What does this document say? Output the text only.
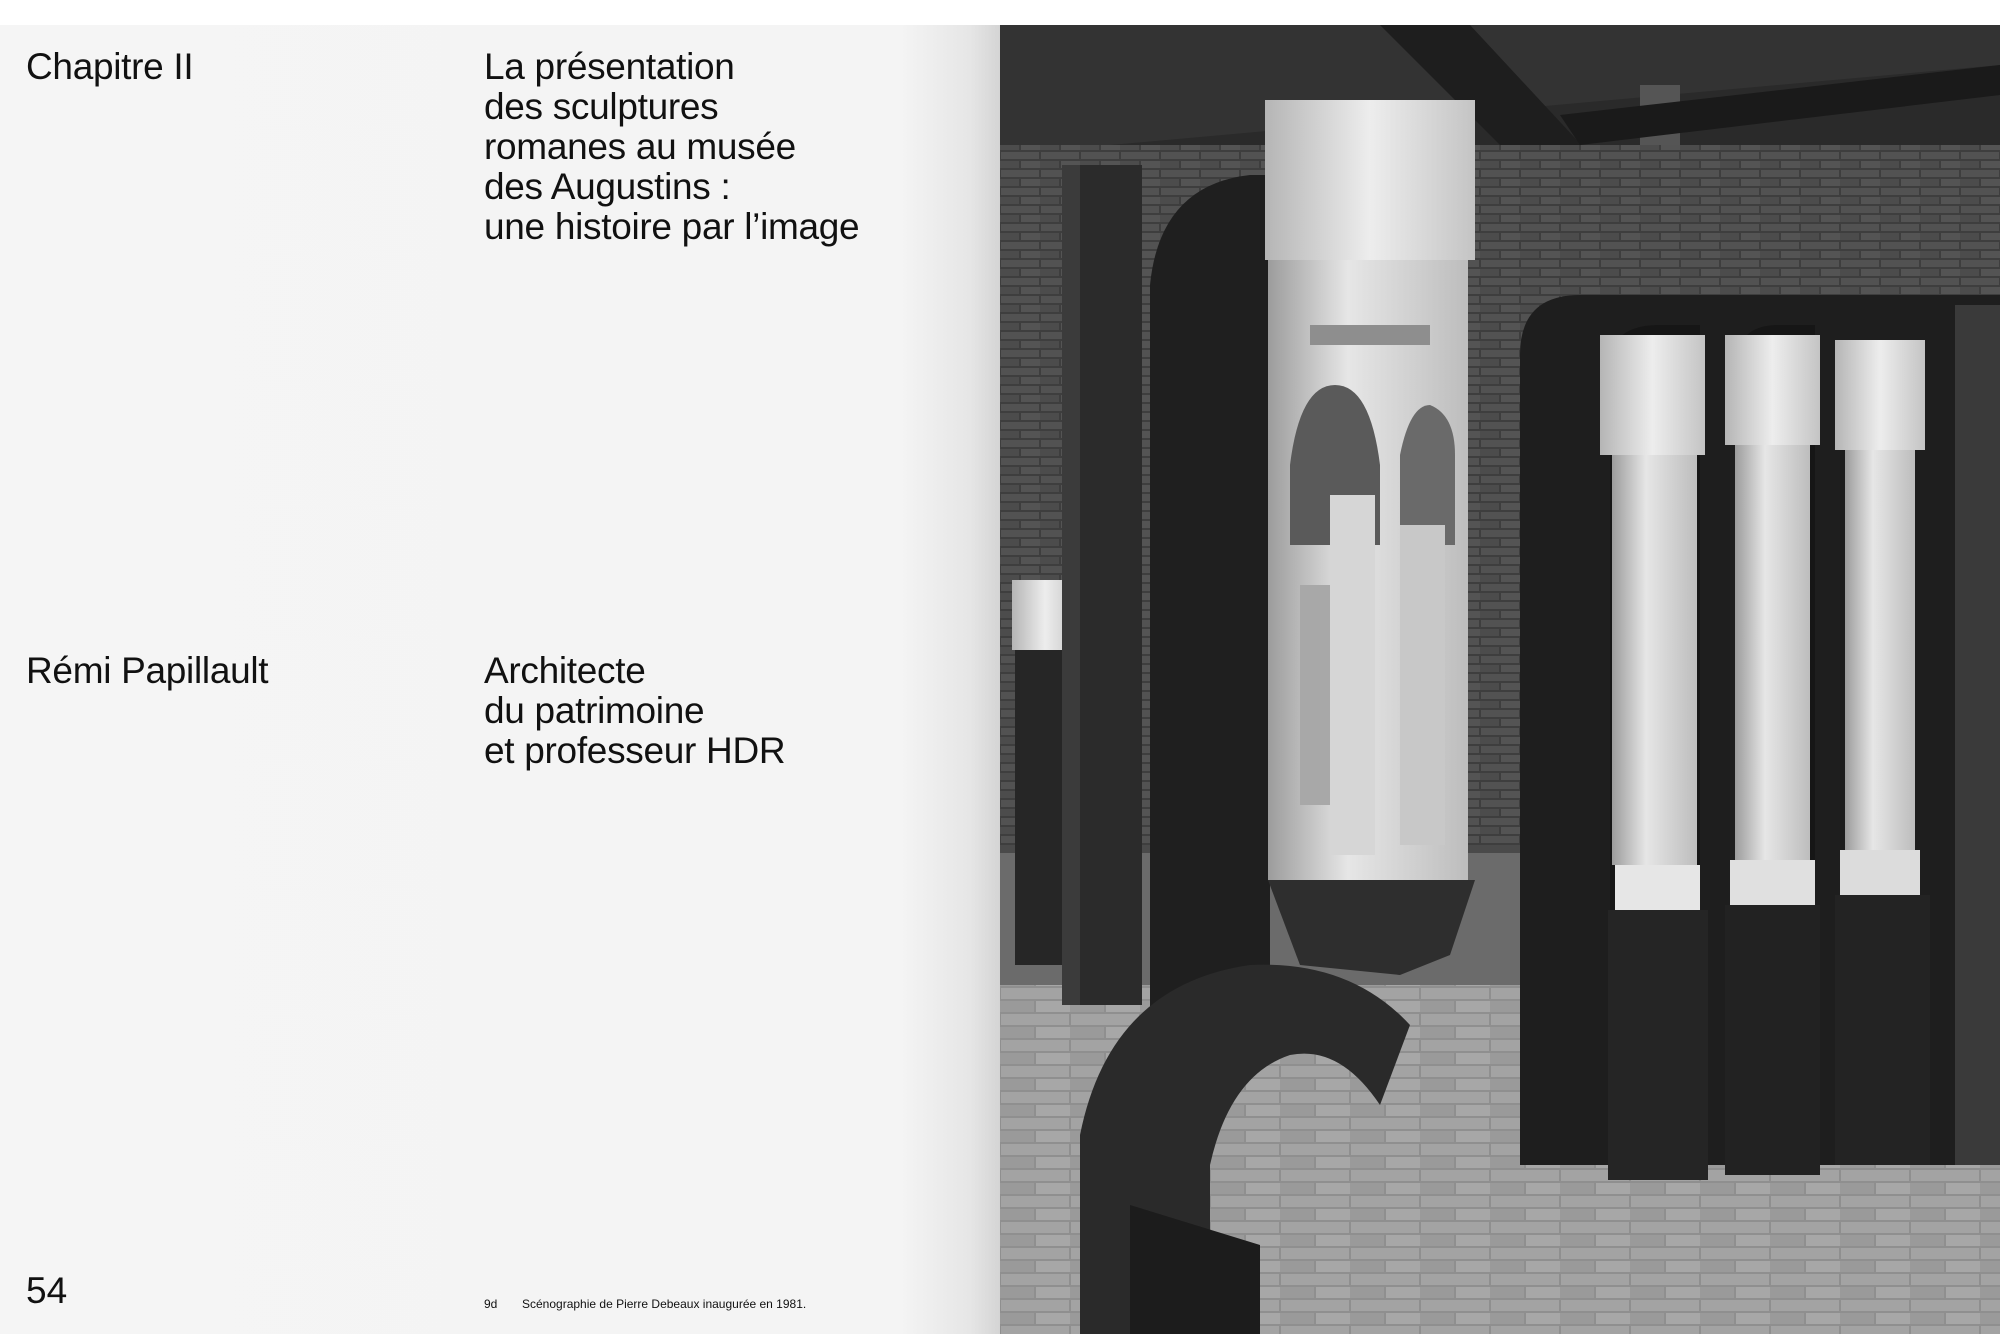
Chapitre II	La présentation
des sculptures
romanes au musée
des Augustins :
une histoire par l’image
Rémi Papillault	Architecte
du patrimoine
et professeur HDR
54	9d Scénographie de Pierre Debeaux inaugurée en 1981.
